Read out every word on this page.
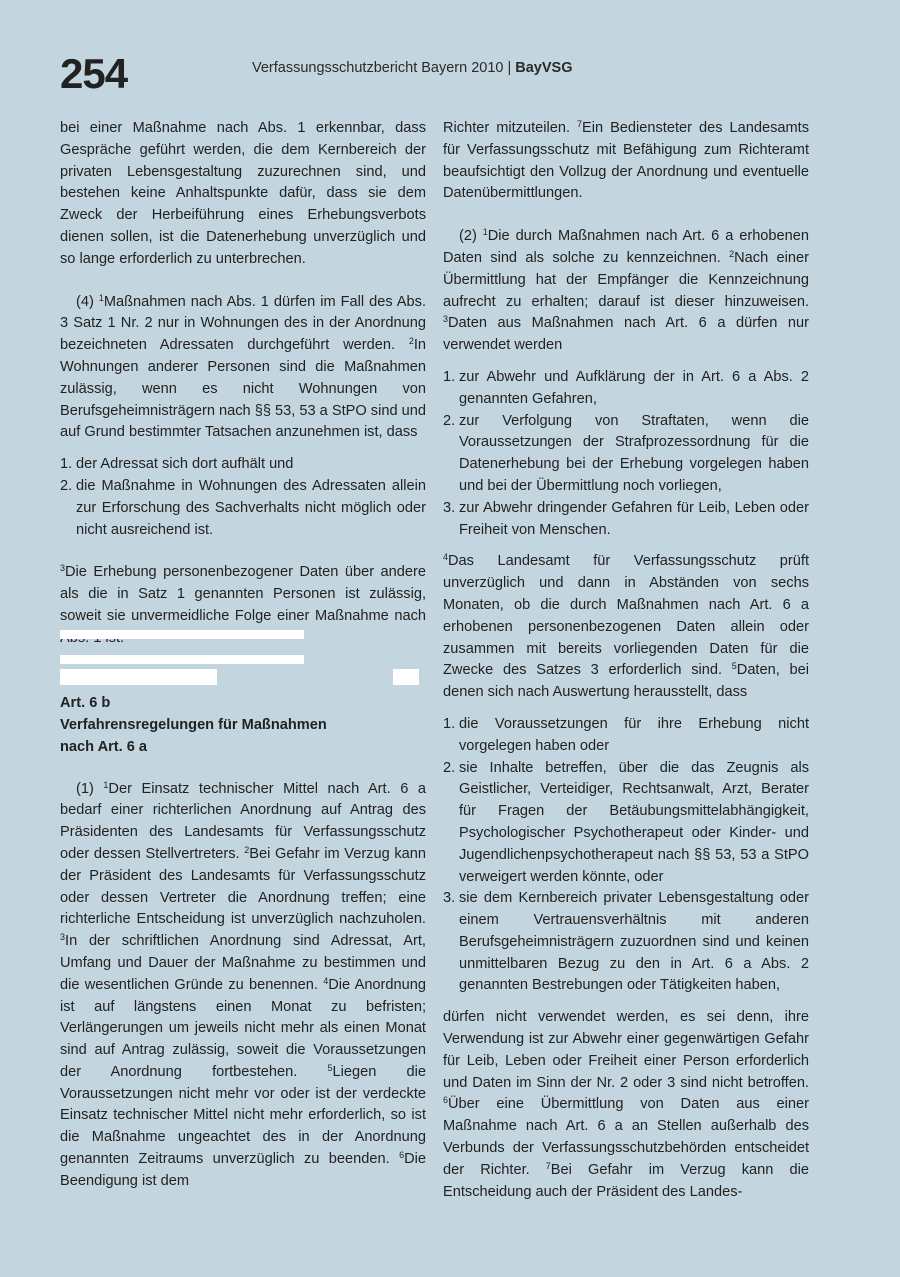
254	Verfassungsschutzbericht Bayern 2010 | BayVSG

bei einer Maßnahme nach Abs. 1 erkennbar, dass Gespräche geführt werden, die dem Kernbereich der privaten Lebensgestaltung zuzurechnen sind, und bestehen keine Anhaltspunkte dafür, dass sie dem Zweck der Herbeiführung eines Erhebungsverbots dienen sollen, ist die Datenerhebung unverzüglich und so lange erforderlich zu unterbrechen.

(4) $^1$Maßnahmen nach Abs. 1 dürfen im Fall des Abs. 3 Satz 1 Nr. 2 nur in Wohnungen des in der Anordnung bezeichneten Adressaten durchgeführt werden. $^2$In Wohnungen anderer Personen sind die Maßnahmen zulässig, wenn es nicht Wohnungen von Berufsgeheimnisträgern nach §§ 53, 53 a StPO sind und auf Grund bestimmter Tatsachen anzunehmen ist, dass

1. der Adressat sich dort aufhält und
2. die Maßnahme in Wohnungen des Adressaten allein zur Erforschung des Sachverhalts nicht möglich oder nicht ausreichend ist.

$^3$Die Erhebung personenbezogener Daten über andere als die in Satz 1 genannten Personen ist zulässig, soweit sie unvermeidliche Folge einer Maßnahme nach

Art. 6 b

Verfahrensregelungen für Maßnahmen

nach Art. 6 a

(1) $^1$Der Einsatz technischer Mittel nach Art. 6 a bedarf einer richterlichen Anordnung auf Antrag des Präsidenten des Landesamts für Verfassungsschutz oder dessen Stellvertreters. $^2$Bei Gefahr im Verzug kann der Präsident des Landesamts für Verfassungsschutz oder dessen Vertreter die Anordnung treffen; eine richterliche Entscheidung ist unverzüglich nachzuholen. $^3$In der schriftlichen Anordnung sind Adressat, Art, Umfang und Dauer der Maßnahme zu bestimmen und die wesentlichen Gründe zu benennen. $^4$Die Anordnung ist auf längstens einen Monat zu befristen; Verlängerungen um jeweils nicht mehr als einen Monat sind auf Antrag zulässig, soweit die Voraussetzungen der Anordnung fortbestehen. $^5$Liegen die Voraussetzungen nicht mehr vor oder ist der verdeckte Einsatz technischer Mittel nicht mehr erforderlich, so ist die Maßnahme ungeachtet des in der Anordnung genannten Zeitraums unverzüglich zu beenden. $^6$Die Beendigung ist dem

Richter mitzuteilen. $^7$Ein Bediensteter des Landesamts für Verfassungsschutz mit Befähigung zum Richteramt beaufsichtigt den Vollzug der Anordnung und eventuelle Datenübermittlungen.

(2) $^1$Die durch Maßnahmen nach Art. 6 a erhobenen Daten sind als solche zu kennzeichnen. $^2$Nach einer Übermittlung hat der Empfänger die Kennzeichnung aufrecht zu erhalten; darauf ist dieser hinzuweisen. $^3$Daten aus Maßnahmen nach Art. 6 a dürfen nur verwendet werden

1. zur Abwehr und Aufklärung der in Art. 6 a Abs. 2 genannten Gefahren,
2. zur Verfolgung von Straftaten, wenn die Voraussetzungen der Strafprozessordnung für die Datenerhebung bei der Erhebung vorgelegen haben und bei der Übermittlung noch vorliegen,
3. zur Abwehr dringender Gefahren für Leib, Leben oder Freiheit von Menschen.

$^4$Das Landesamt für Verfassungsschutz prüft unverzüglich und dann in Abständen von sechs Monaten, ob die durch Maßnahmen nach Art. 6 a erhobenen personenbezogenen Daten allein oder zusammen mit bereits vorliegenden Daten für die Zwecke des Satzes 3 erforderlich sind. $^5$Daten, bei denen sich nach Auswertung herausstellt, dass

1. die Voraussetzungen für ihre Erhebung nicht vorgelegen haben oder
2. sie Inhalte betreffen, über die das Zeugnis als Geistlicher, Verteidiger, Rechtsanwalt, Arzt, Berater für Fragen der Betäubungsmittelabhängigkeit, Psychologischer Psychotherapeut oder Kinder- und Jugendlichenpsychotherapeut nach §§ 53, 53 a StPO verweigert werden könnte, oder
3. sie dem Kernbereich privater Lebensgestaltung oder einem Vertrauensverhältnis mit anderen Berufsgeheimnisträgern zuzuordnen sind und keinen unmittelbaren Bezug zu den in Art. 6 a Abs. 2 genannten Bestrebungen oder Tätigkeiten haben,

dürfen nicht verwendet werden, es sei denn, ihre Verwendung ist zur Abwehr einer gegenwärtigen Gefahr für Leib, Leben oder Freiheit einer Person erforderlich und Daten im Sinn der Nr. 2 oder 3 sind nicht betroffen. $^6$Über eine Übermittlung von Daten aus einer Maßnahme nach Art. 6 a an Stellen außerhalb des Verbunds der Verfassungsschutzbehörden entscheidet der Richter. $^7$Bei Gefahr im Verzug kann die Entscheidung auch der Präsident des Landes-
